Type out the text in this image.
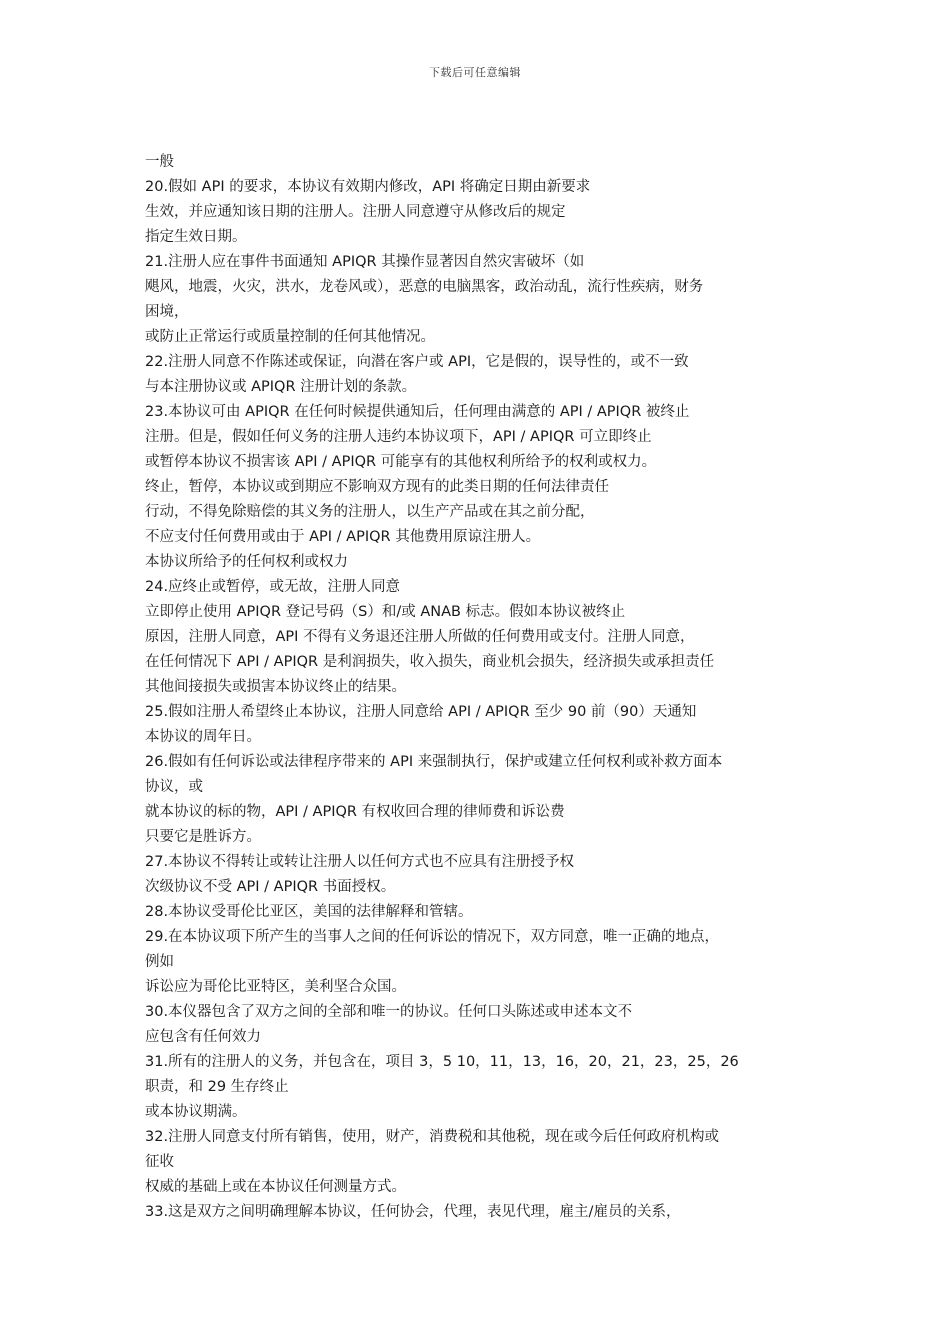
下载后可任意编辑
一般
20.假如 API 的要求，本协议有效期内修改，API 将确定日期由新要求
生效，并应通知该日期的注册人。注册人同意遵守从修改后的规定
指定生效日期。
21.注册人应在事件书面通知 APIQR 其操作显著因自然灾害破坏（如
飓风，地震，火灾，洪水，龙卷风或），恶意的电脑黑客，政治动乱，流行性疾病，财务
困境，
或防止正常运行或质量控制的任何其他情况。
22.注册人同意不作陈述或保证，向潜在客户或 API，它是假的，误导性的，或不一致
与本注册协议或 APIQR 注册计划的条款。
23.本协议可由 APIQR 在任何时候提供通知后，任何理由满意的 API / APIQR 被终止
注册。但是，假如任何义务的注册人违约本协议项下，API / APIQR 可立即终止
或暂停本协议不损害该 API / APIQR 可能享有的其他权利所给予的权利或权力。
终止，暂停，本协议或到期应不影响双方现有的此类日期的任何法律责任
行动，不得免除赔偿的其义务的注册人，以生产产品或在其之前分配，
不应支付任何费用或由于 API / APIQR 其他费用原谅注册人。
本协议所给予的任何权利或权力
24.应终止或暂停，或无故，注册人同意
立即停止使用 APIQR 登记号码（S）和/或 ANAB 标志。假如本协议被终止
原因，注册人同意，API 不得有义务退还注册人所做的任何费用或支付。注册人同意，
在任何情况下 API / APIQR 是利润损失，收入损失，商业机会损失，经济损失或承担责任
其他间接损失或损害本协议终止的结果。
25.假如注册人希望终止本协议，注册人同意给 API / APIQR 至少 90 前（90）天通知
本协议的周年日。
26.假如有任何诉讼或法律程序带来的 API 来强制执行，保护或建立任何权利或补救方面本
协议，或
就本协议的标的物，API / APIQR 有权收回合理的律师费和诉讼费
只要它是胜诉方。
27.本协议不得转让或转让注册人以任何方式也不应具有注册授予权
次级协议不受 API / APIQR 书面授权。
28.本协议受哥伦比亚区，美国的法律解释和管辖。
29.在本协议项下所产生的当事人之间的任何诉讼的情况下，双方同意，唯一正确的地点，
例如
诉讼应为哥伦比亚特区，美利坚合众国。
30.本仪器包含了双方之间的全部和唯一的协议。任何口头陈述或申述本文不
应包含有任何效力
31.所有的注册人的义务，并包含在，项目 3，5 10，11，13，16，20，21，23，25，26
职责，和 29 生存终止
或本协议期满。
32.注册人同意支付所有销售，使用，财产，消费税和其他税，现在或今后任何政府机构或
征收
权威的基础上或在本协议任何测量方式。
33.这是双方之间明确理解本协议，任何协会，代理，表见代理，雇主/雇员的关系，
